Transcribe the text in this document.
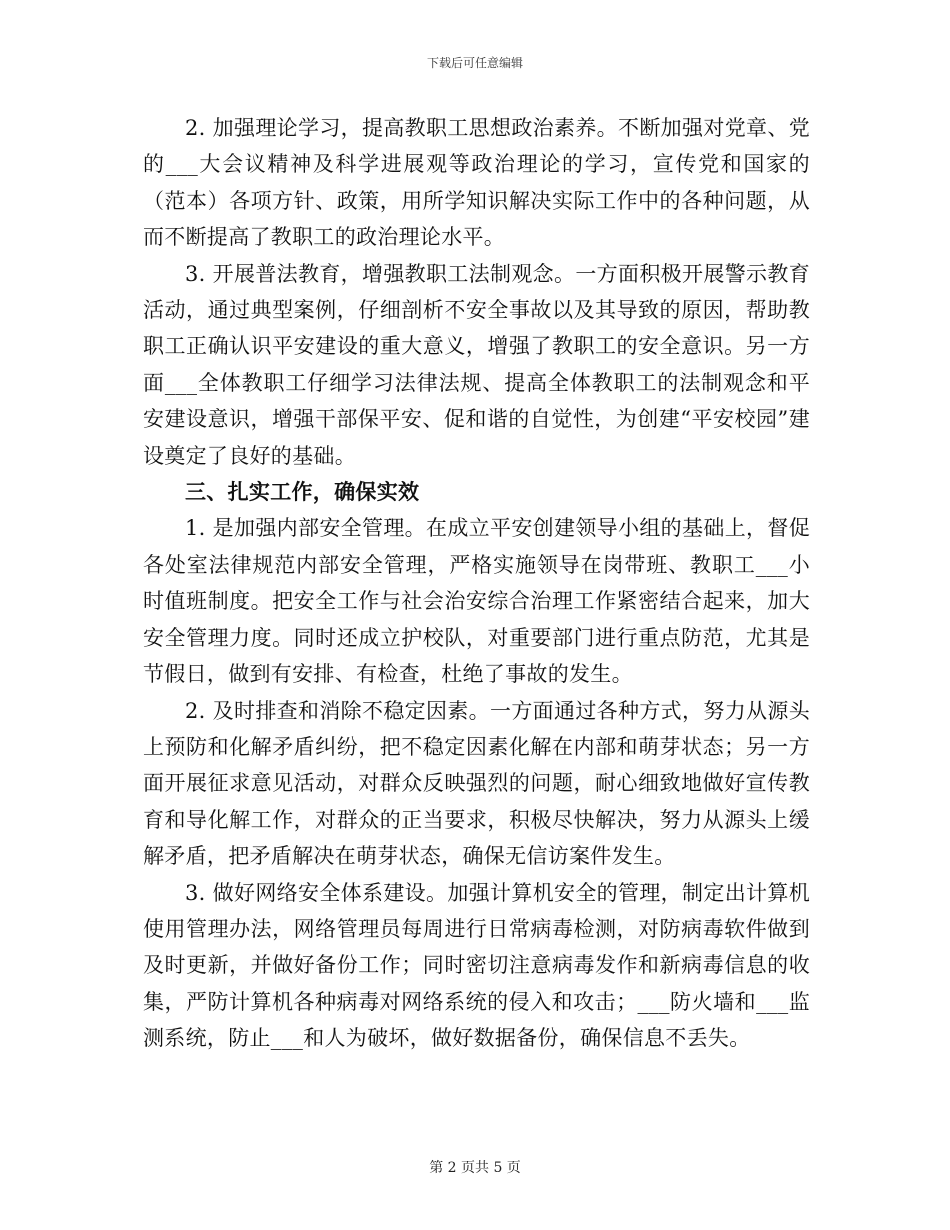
下载后可任意编辑

2. 加强理论学习，提高教职工思想政治素养。不断加强对党章、党的___大会议精神及科学进展观等政治理论的学习，宣传党和国家的（范本）各项方针、政策，用所学知识解决实际工作中的各种问题，从而不断提高了教职工的政治理论水平。

3. 开展普法教育，增强教职工法制观念。一方面积极开展警示教育活动，通过典型案例，仔细剖析不安全事故以及其导致的原因，帮助教职工正确认识平安建设的重大意义，增强了教职工的安全意识。另一方面___全体教职工仔细学习法律法规、提高全体教职工的法制观念和平安建设意识，增强干部保平安、促和谐的自觉性，为创建“平安校园”建设奠定了良好的基础。

三、扎实工作，确保实效

1. 是加强内部安全管理。在成立平安创建领导小组的基础上，督促各处室法律规范内部安全管理，严格实施领导在岗带班、教职工___小时值班制度。把安全工作与社会治安综合治理工作紧密结合起来，加大安全管理力度。同时还成立护校队，对重要部门进行重点防范，尤其是节假日，做到有安排、有检查，杜绝了事故的发生。

2. 及时排查和消除不稳定因素。一方面通过各种方式，努力从源头上预防和化解矛盾纠纷，把不稳定因素化解在内部和萌芽状态；另一方面开展征求意见活动，对群众反映强烈的问题，耐心细致地做好宣传教育和导化解工作，对群众的正当要求，积极尽快解决，努力从源头上缓解矛盾，把矛盾解决在萌芽状态，确保无信访案件发生。

3. 做好网络安全体系建设。加强计算机安全的管理，制定出计算机使用管理办法，网络管理员每周进行日常病毒检测，对防病毒软件做到及时更新，并做好备份工作；同时密切注意病毒发作和新病毒信息的收集，严防计算机各种病毒对网络系统的侵入和攻击；___防火墙和___监测系统，防止___和人为破坏，做好数据备份，确保信息不丢失。

第 2 页共 5 页
